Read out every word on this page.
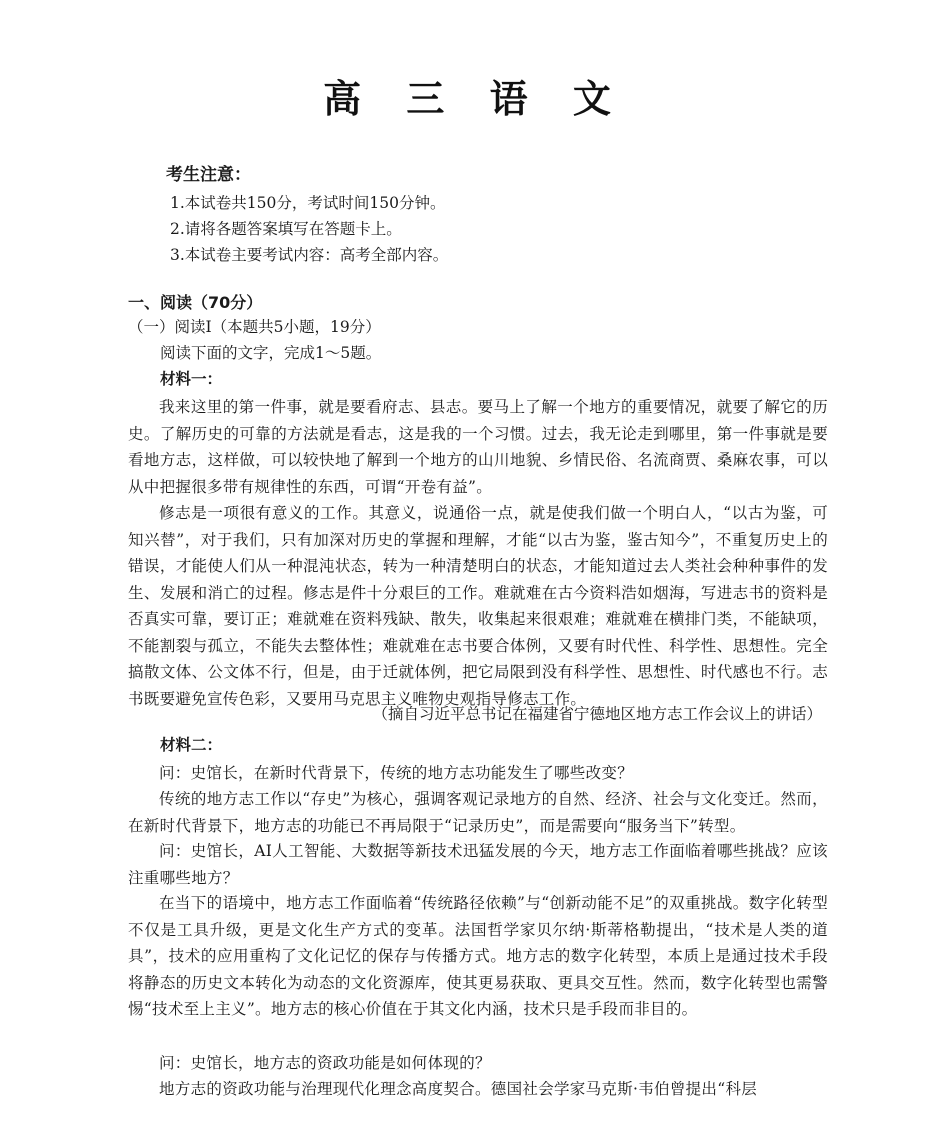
高 三 语 文
考生注意：
1.本试卷共150分，考试时间150分钟。
2.请将各题答案填写在答题卡上。
3.本试卷主要考试内容：高考全部内容。
一、阅读（70分）
（一）阅读Ⅰ（本题共5小题，19分）
阅读下面的文字，完成1～5题。
材料一：
我来这里的第一件事，就是要看府志、县志。要马上了解一个地方的重要情况，就要了解它的历史。了解历史的可靠的方法就是看志，这是我的一个习惯。过去，我无论走到哪里，第一件事就是要看地方志，这样做，可以较快地了解到一个地方的山川地貌、乡情民俗、名流商贾、桑麻农事，可以从中把握很多带有规律性的东西，可谓“开卷有益”。
修志是一项很有意义的工作。其意义，说通俗一点，就是使我们做一个明白人，“以古为鉴，可知兴替”，对于我们，只有加深对历史的掌握和理解，才能“以古为鉴，鉴古知今”，不重复历史上的错误，才能使人们从一种混沌状态，转为一种清楚明白的状态，才能知道过去人类社会种种事件的发生、发展和消亡的过程。修志是件十分艰巨的工作。难就难在古今资料浩如烟海，写进志书的资料是否真实可靠，要订正；难就难在资料残缺、散失，收集起来很艰难；难就难在横排门类，不能缺项，不能割裂与孤立，不能失去整体性；难就难在志书要合体例，又要有时代性、科学性、思想性。完全搞散文体、公文体不行，但是，由于迁就体例，把它局限到没有科学性、思想性、时代感也不行。志书既要避免宣传色彩，又要用马克思主义唯物史观指导修志工作。
（摘自习近平总书记在福建省宁德地区地方志工作会议上的讲话）
材料二：
问：史馆长，在新时代背景下，传统的地方志功能发生了哪些改变？
传统的地方志工作以“存史”为核心，强调客观记录地方的自然、经济、社会与文化变迁。然而，在新时代背景下，地方志的功能已不再局限于“记录历史”，而是需要向“服务当下”转型。
问：史馆长，AI人工智能、大数据等新技术迅猛发展的今天，地方志工作面临着哪些挑战？应该注重哪些地方？
在当下的语境中，地方志工作面临着“传统路径依赖”与“创新动能不足”的双重挑战。数字化转型不仅是工具升级，更是文化生产方式的变革。法国哲学家贝尔纳·斯蒂格勒提出，“技术是人类的道具”，技术的应用重构了文化记忆的保存与传播方式。地方志的数字化转型，本质上是通过技术手段将静态的历史文本转化为动态的文化资源库，使其更易获取、更具交互性。然而，数字化转型也需警惕“技术至上主义”。地方志的核心价值在于其文化内涵，技术只是手段而非目的。
问：史馆长，地方志的资政功能是如何体现的？
地方志的资政功能与治理现代化理念高度契合。德国社会学家马克斯·韦伯曾提出“科层
